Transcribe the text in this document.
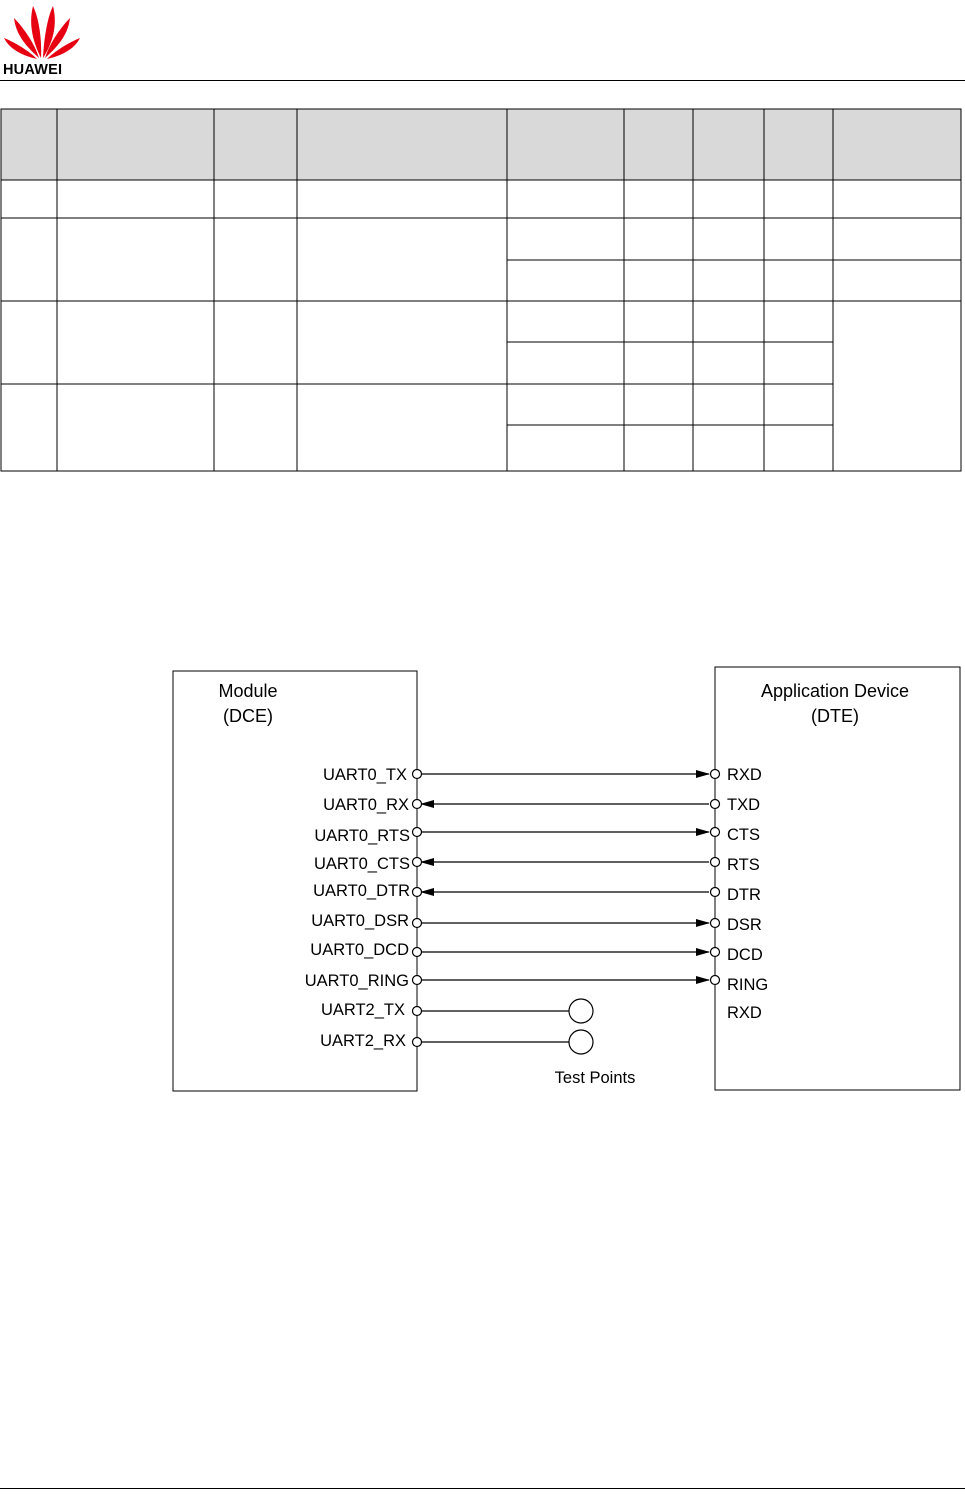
HUAWEI
Module
(DCE)
Application Device
(DTE)
UART0_TX
UART0_RX
UART0_RTS
UART0_CTS
UART0_DTR
UART0_DSR
UART0_DCD
UART0_RING
UART2_TX
UART2_RX
RXD
TXD
CTS
RTS
DTR
DSR
DCD
RING
RXD
Test Points
